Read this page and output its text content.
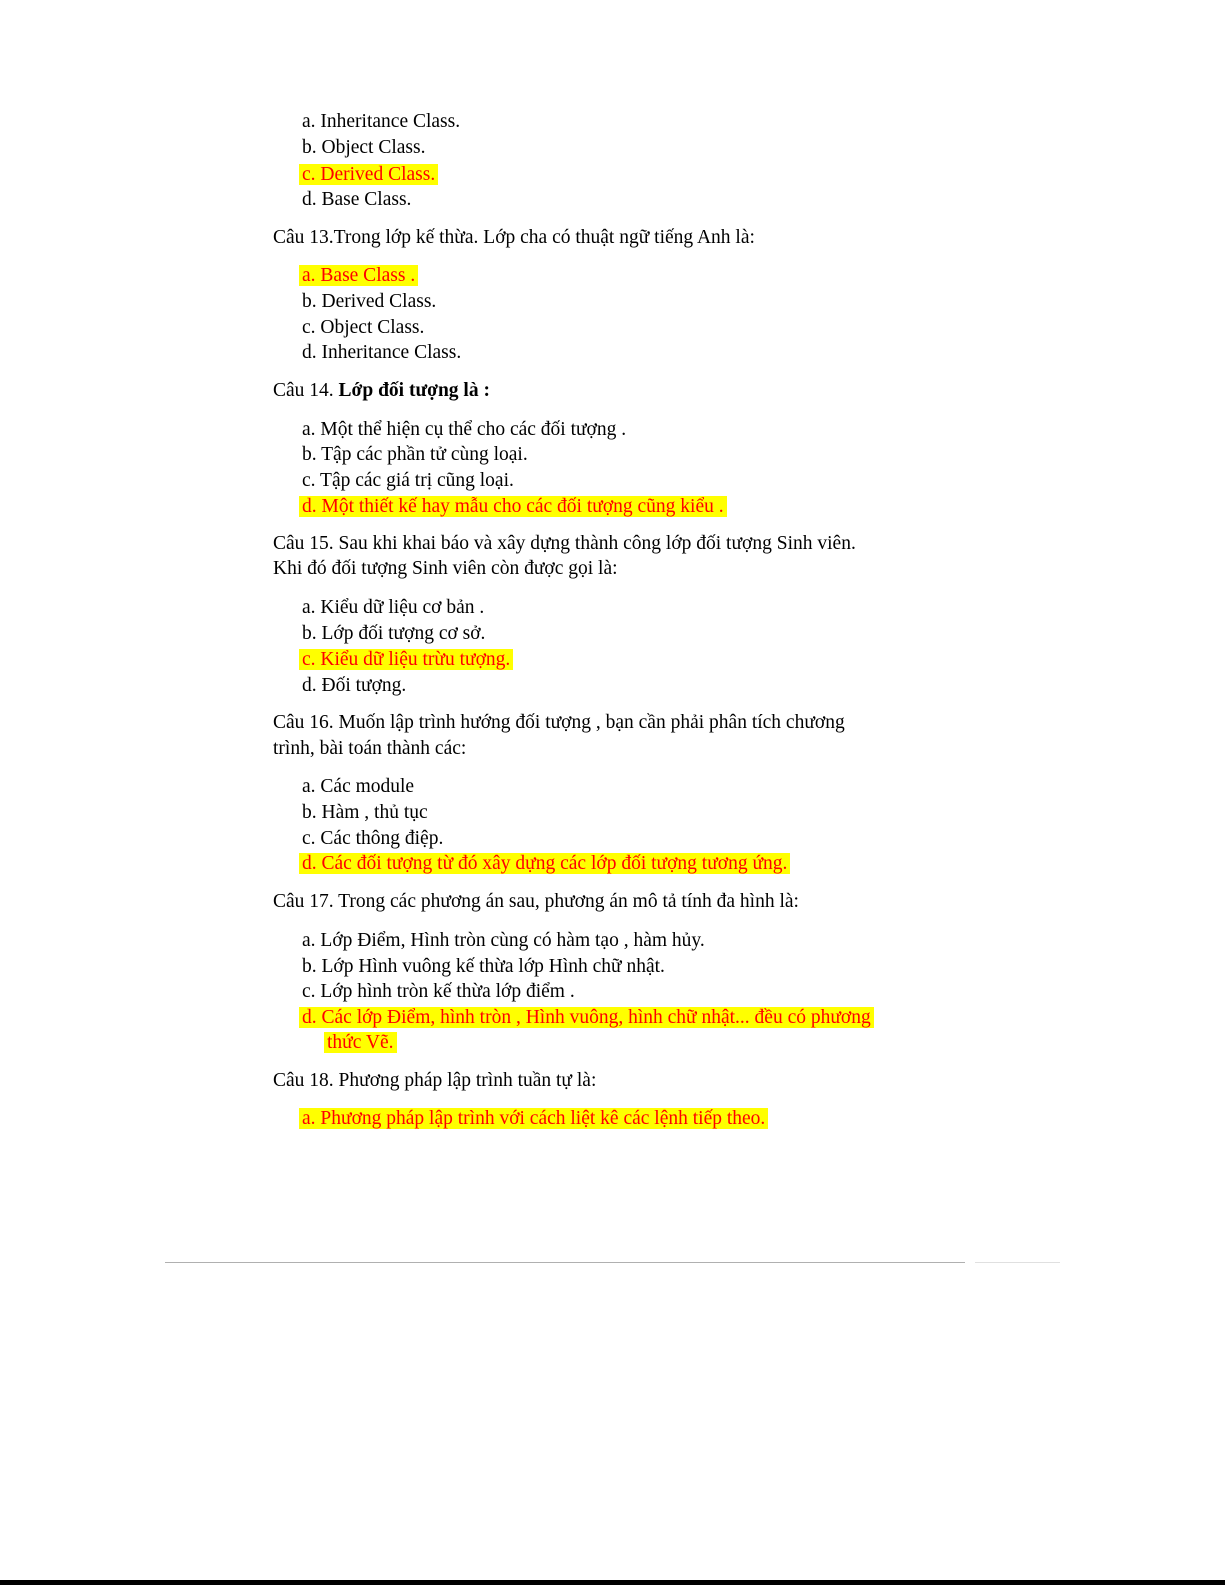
a. Inheritance Class.
b. Object Class.
c. Derived Class.
d. Base Class.
Câu 13.Trong lớp kế thừa. Lớp cha có thuật ngữ tiếng Anh là:
a. Base Class .
b. Derived Class.
c. Object Class.
d. Inheritance Class.
Câu 14. Lớp đối tượng là :
a. Một thể hiện cụ thể cho các đối tượng .
b. Tập các phần tử cùng loại.
c. Tập các giá trị cũng loại.
d. Một thiết kế hay mẫu cho các đối tượng cũng kiểu .
Câu 15. Sau khi khai báo và xây dựng thành công lớp đối tượng Sinh viên.
Khi đó đối tượng Sinh viên còn được gọi là:
a. Kiểu dữ liệu cơ bản .
b. Lớp đối tượng cơ sở.
c. Kiểu dữ liệu trừu tượng.
d. Đối tượng.
Câu 16. Muốn lập trình hướng đối tượng , bạn cần phải phân tích chương
trình, bài toán thành các:
a. Các module
b. Hàm , thủ tục
c. Các thông điệp.
d. Các đối tượng từ đó xây dựng các lớp đối tượng tương ứng.
Câu 17. Trong các phương án sau, phương án mô tả tính đa hình là:
a. Lớp Điểm, Hình tròn cùng có hàm tạo , hàm hủy.
b. Lớp Hình vuông kế thừa lớp Hình chữ nhật.
c. Lớp hình tròn kế thừa lớp điểm .
d. Các lớp Điểm, hình tròn , Hình vuông, hình chữ nhật... đều có phương
thức Vẽ.
Câu 18. Phương pháp lập trình tuần tự là:
a. Phương pháp lập trình với cách liệt kê các lệnh tiếp theo.
